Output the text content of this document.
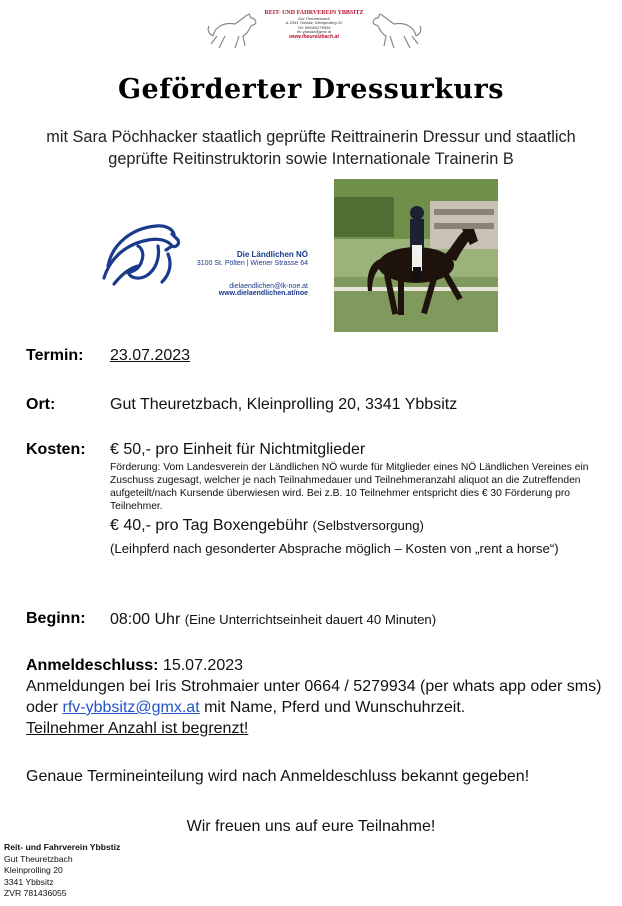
REIT- UND FAHRVEREIN YBBSITZ
Gut Theuretzbach
A-3341 Ybbsitz, Kleinprolling 20
Tel: 0664/5279934
rfv-ybbsitz@gmx.at
www.theuretzbach.at
Geförderter Dressurkurs
mit Sara Pöchhacker staatlich geprüfte Reittrainerin Dressur und staatlich geprüfte Reitinstruktorin sowie Internationale Trainerin B
Die Ländlichen NÖ
3100 St. Pölten | Wiener Strasse 64
dielaendlichen@lk-noe.at
www.dielaendlichen.at/noe
Termin: 23.07.2023
Ort:	Gut Theuretzbach, Kleinprolling 20, 3341 Ybbsitz
Kosten: € 50,- pro Einheit für Nichtmitglieder
Förderung: Vom Landesverein der Ländlichen NÖ wurde für Mitglieder eines NÖ Ländlichen Vereines ein Zuschuss zugesagt, welcher je nach Teilnahmedauer und Teilnehmeranzahl aliquot an die Zutreffenden aufgeteilt/nach Kursende überwiesen wird. Bei z.B. 10 Teilnehmer entspricht dies € 30 Förderung pro Teilnehmer.
€ 40,- pro Tag Boxengebühr (Selbstversorgung)
(Leihpferd nach gesonderter Absprache möglich – Kosten von „rent a horse“)
Beginn: 08:00 Uhr (Eine Unterrichtseinheit dauert 40 Minuten)
Anmeldeschluss: 15.07.2023
Anmeldungen bei Iris Strohmaier unter 0664 / 5279934 (per whats app oder sms) oder rfv-ybbsitz@gmx.at mit Name, Pferd und Wunschuhrzeit.
Teilnehmer Anzahl ist begrenzt!
Genaue Termineinteilung wird nach Anmeldeschluss bekannt gegeben!
Wir freuen uns auf eure Teilnahme!
Reit- und Fahrverein Ybbstiz
Gut Theuretzbach
Kleinprolling 20
3341 Ybbsitz
ZVR 781436055
